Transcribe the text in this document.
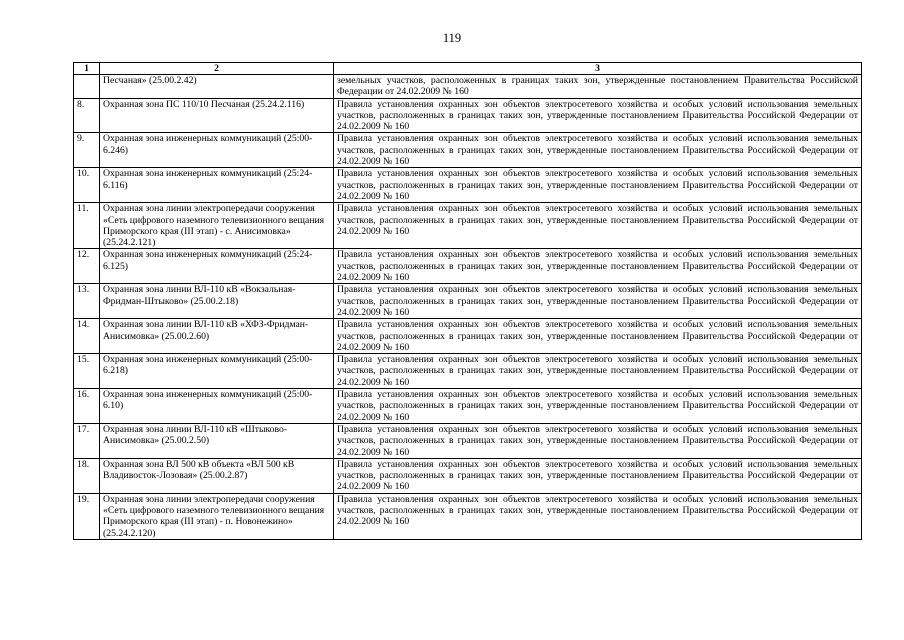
119
1	2	3
	Песчаная» (25.00.2.42)	земельных участков, расположенных в границах таких зон, утвержденные постановлением Правительства Российской Федерации от 24.02.2009 № 160
8.	Охранная зона ПС 110/10 Песчаная (25.24.2.116)	Правила установления охранных зон объектов электросетевого хозяйства и особых условий использования земельных участков, расположенных в границах таких зон, утвержденные постановлением Правительства Российской Федерации от 24.02.2009 № 160
9.	Охранная зона инженерных коммуникаций (25:00-6.246)	Правила установления охранных зон объектов электросетевого хозяйства и особых условий использования земельных участков, расположенных в границах таких зон, утвержденные постановлением Правительства Российской Федерации от 24.02.2009 № 160
10.	Охранная зона инженерных коммуникаций (25:24-6.116)	Правила установления охранных зон объектов электросетевого хозяйства и особых условий использования земельных участков, расположенных в границах таких зон, утвержденные постановлением Правительства Российской Федерации от 24.02.2009 № 160
11.	Охранная зона линии электропередачи сооружения «Сеть цифрового наземного телевизионного вещания Приморского края (III этап) - с. Анисимовка» (25.24.2.121)	Правила установления охранных зон объектов электросетевого хозяйства и особых условий использования земельных участков, расположенных в границах таких зон, утвержденные постановлением Правительства Российской Федерации от 24.02.2009 № 160
12.	Охранная зона инженерных коммуникаций (25:24-6.125)	Правила установления охранных зон объектов электросетевого хозяйства и особых условий использования земельных участков, расположенных в границах таких зон, утвержденные постановлением Правительства Российской Федерации от 24.02.2009 № 160
13.	Охранная зона линии ВЛ-110 кВ «Вокзальная-Фридман-Штыково» (25.00.2.18)	Правила установления охранных зон объектов электросетевого хозяйства и особых условий использования земельных участков, расположенных в границах таких зон, утвержденные постановлением Правительства Российской Федерации от 24.02.2009 № 160
14.	Охранная зона линии ВЛ-110 кВ «ХФЗ-Фридман-Анисимовка» (25.00.2.60)	Правила установления охранных зон объектов электросетевого хозяйства и особых условий использования земельных участков, расположенных в границах таких зон, утвержденные постановлением Правительства Российской Федерации от 24.02.2009 № 160
15.	Охранная зона инженерных коммуникаций (25:00-6.218)	Правила установления охранных зон объектов электросетевого хозяйства и особых условий использования земельных участков, расположенных в границах таких зон, утвержденные постановлением Правительства Российской Федерации от 24.02.2009 № 160
16.	Охранная зона инженерных коммуникаций (25:00-6.10)	Правила установления охранных зон объектов электросетевого хозяйства и особых условий использования земельных участков, расположенных в границах таких зон, утвержденные постановлением Правительства Российской Федерации от 24.02.2009 № 160
17.	Охранная зона линии ВЛ-110 кВ «Штыково-Анисимовка» (25.00.2.50)	Правила установления охранных зон объектов электросетевого хозяйства и особых условий использования земельных участков, расположенных в границах таких зон, утвержденные постановлением Правительства Российской Федерации от 24.02.2009 № 160
18.	Охранная зона ВЛ 500 кВ объекта «ВЛ 500 кВ Владивосток-Лозовая» (25.00.2.87)	Правила установления охранных зон объектов электросетевого хозяйства и особых условий использования земельных участков, расположенных в границах таких зон, утвержденные постановлением Правительства Российской Федерации от 24.02.2009 № 160
19.	Охранная зона линии электропередачи сооружения «Сеть цифрового наземного телевизионного вещания Приморского края (III этап) - п. Новонежино» (25.24.2.120)	Правила установления охранных зон объектов электросетевого хозяйства и особых условий использования земельных участков, расположенных в границах таких зон, утвержденные постановлением Правительства Российской Федерации от 24.02.2009 № 160
